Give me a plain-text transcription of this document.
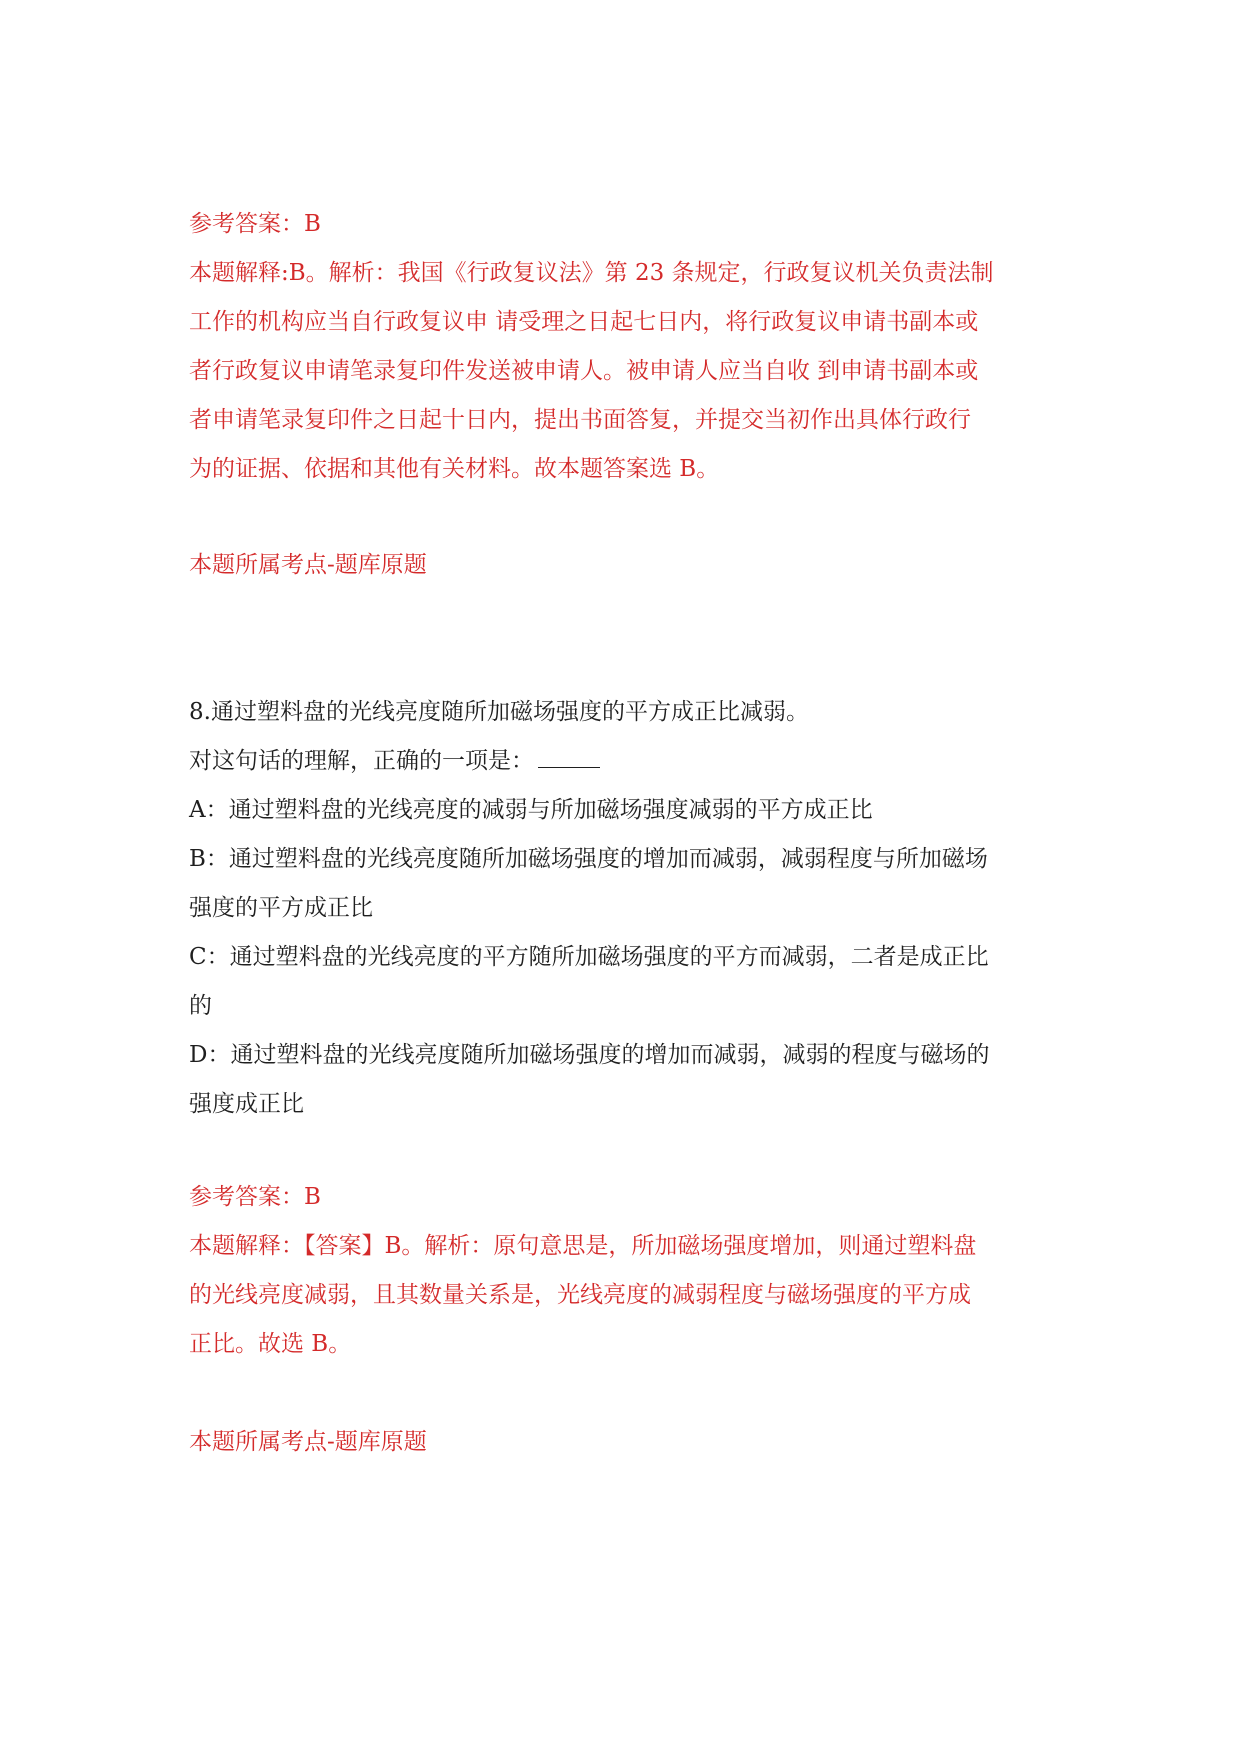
参考答案：B
本题解释:B。解析：我国《行政复议法》第 23 条规定，行政复议机关负责法制
工作的机构应当自行政复议申 请受理之日起七日内，将行政复议申请书副本或
者行政复议申请笔录复印件发送被申请人。被申请人应当自收 到申请书副本或
者申请笔录复印件之日起十日内，提出书面答复，并提交当初作出具体行政行
为的证据、依据和其他有关材料。故本题答案选 B。
本题所属考点-题库原题
8.通过塑料盘的光线亮度随所加磁场强度的平方成正比减弱。
对这句话的理解，正确的一项是：
A：通过塑料盘的光线亮度的减弱与所加磁场强度减弱的平方成正比
B：通过塑料盘的光线亮度随所加磁场强度的增加而减弱，减弱程度与所加磁场
强度的平方成正比
C：通过塑料盘的光线亮度的平方随所加磁场强度的平方而减弱，二者是成正比
的
D：通过塑料盘的光线亮度随所加磁场强度的增加而减弱，减弱的程度与磁场的
强度成正比
参考答案：B
本题解释：【答案】B。解析：原句意思是，所加磁场强度增加，则通过塑料盘
的光线亮度减弱，且其数量关系是，光线亮度的减弱程度与磁场强度的平方成
正比。故选 B。
本题所属考点-题库原题
